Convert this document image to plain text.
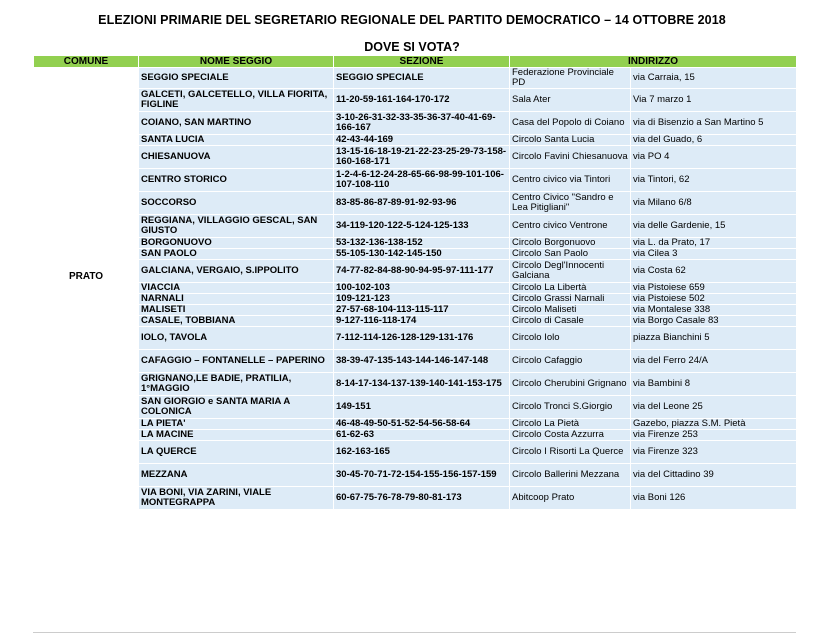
ELEZIONI PRIMARIE DEL SEGRETARIO REGIONALE DEL PARTITO DEMOCRATICO – 14 OTTOBRE 2018
DOVE SI VOTA?
COMUNE	NOME SEGGIO	SEZIONE	INDIRIZZO	
PRATO	SEGGIO SPECIALE	SEGGIO SPECIALE	Federazione Provinciale PD	via Carraia, 15
	GALCETI, GALCETELLO, VILLA FIORITA, FIGLINE	11-20-59-161-164-170-172	Sala Ater	Via 7 marzo 1
	COIANO, SAN MARTINO	3-10-26-31-32-33-35-36-37-40-41-69-166-167	Casa del Popolo di Coiano	via di Bisenzio a San Martino 5
	SANTA LUCIA	42-43-44-169	Circolo Santa Lucia	via del Guado, 6
	CHIESANUOVA	13-15-16-18-19-21-22-23-25-29-73-158-160-168-171	Circolo Favini Chiesanuova	via PO 4
	CENTRO STORICO	1-2-4-6-12-24-28-65-66-98-99-101-106-107-108-110	Centro civico via Tintori	via Tintori, 62
	SOCCORSO	83-85-86-87-89-91-92-93-96	Centro Civico "Sandro e Lea Pitigliani"	via Milano 6/8
	REGGIANA, VILLAGGIO GESCAL, SAN GIUSTO	34-119-120-122-5-124-125-133	Centro civico Ventrone	via delle Gardenie, 15
	BORGONUOVO	53-132-136-138-152	Circolo Borgonuovo	via L. da Prato, 17
	SAN PAOLO	55-105-130-142-145-150	Circolo San Paolo	via Cilea 3
	GALCIANA, VERGAIO, S.IPPOLITO	74-77-82-84-88-90-94-95-97-111-177	Circolo Degl'Innocenti Galciana	via Costa 62
	VIACCIA	100-102-103	Circolo La Libertà	via Pistoiese 659
	NARNALI	109-121-123	Circolo Grassi Narnali	via Pistoiese 502
	MALISETI	27-57-68-104-113-115-117	Circolo Maliseti	via Montalese 338
	CASALE, TOBBIANA	9-127-116-118-174	Circolo di Casale	via Borgo Casale 83
	IOLO, TAVOLA	7-112-114-126-128-129-131-176	Circolo Iolo	piazza Bianchini 5
	CAFAGGIO – FONTANELLE – PAPERINO	38-39-47-135-143-144-146-147-148	Circolo Cafaggio	via del Ferro 24/A
	GRIGNANO,LE BADIE, PRATILIA, 1°MAGGIO	8-14-17-134-137-139-140-141-153-175	Circolo Cherubini Grignano	via Bambini 8
	SAN GIORGIO e SANTA MARIA A COLONICA	149-151	Circolo Tronci S.Giorgio	via del Leone 25
	LA PIETA'	46-48-49-50-51-52-54-56-58-64	Circolo La Pietà	Gazebo, piazza S.M. Pietà
	LA MACINE	61-62-63	Circolo Costa Azzurra	via Firenze 253
	LA QUERCE	162-163-165	Circolo I Risorti La Querce	via Firenze 323
	MEZZANA	30-45-70-71-72-154-155-156-157-159	Circolo Ballerini Mezzana	via del Cittadino 39
	VIA BONI, VIA ZARINI, VIALE MONTEGRAPPA	60-67-75-76-78-79-80-81-173	Abitcoop Prato	via Boni 126
